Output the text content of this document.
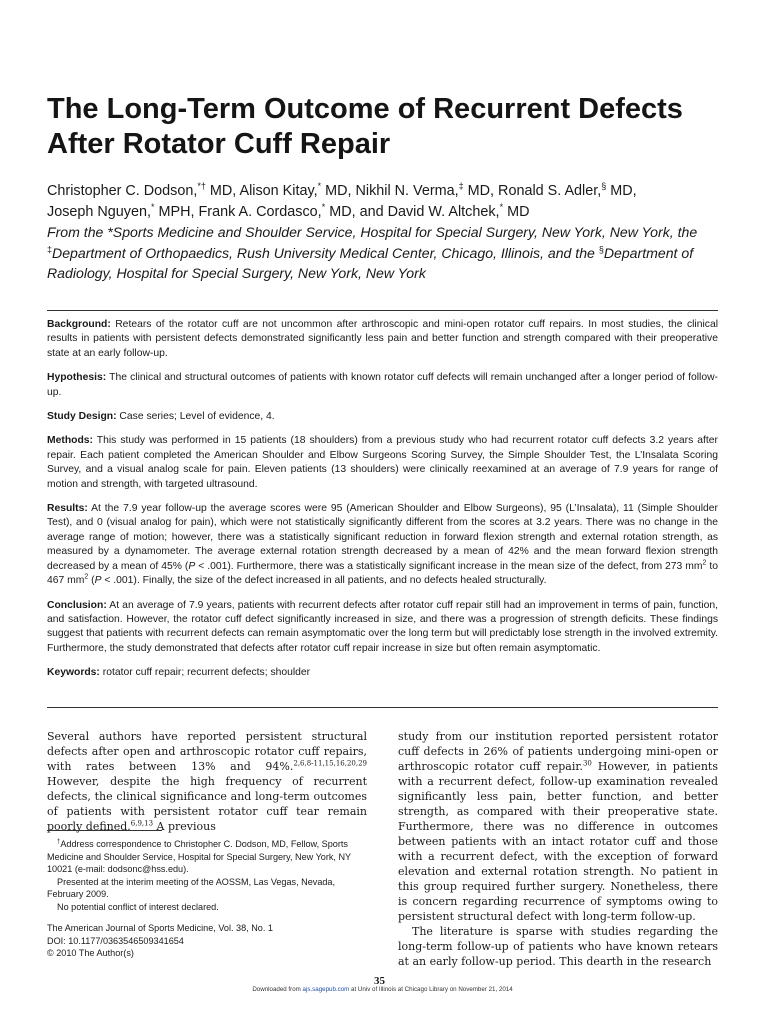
The Long-Term Outcome of Recurrent Defects After Rotator Cuff Repair
Christopher C. Dodson,*† MD, Alison Kitay,* MD, Nikhil N. Verma,‡ MD, Ronald S. Adler,§ MD,
Joseph Nguyen,* MPH, Frank A. Cordasco,* MD, and David W. Altchek,* MD
From the *Sports Medicine and Shoulder Service, Hospital for Special Surgery, New York, New York, the ‡Department of Orthopaedics, Rush University Medical Center, Chicago, Illinois, and the §Department of Radiology, Hospital for Special Surgery, New York, New York

Background: Retears of the rotator cuff are not uncommon after arthroscopic and mini-open rotator cuff repairs. In most studies, the clinical results in patients with persistent defects demonstrated significantly less pain and better function and strength compared with their preoperative state at an early follow-up.

Hypothesis: The clinical and structural outcomes of patients with known rotator cuff defects will remain unchanged after a longer period of follow-up.

Study Design: Case series; Level of evidence, 4.

Methods: This study was performed in 15 patients (18 shoulders) from a previous study who had recurrent rotator cuff defects 3.2 years after repair. Each patient completed the American Shoulder and Elbow Surgeons Scoring Survey, the Simple Shoulder Test, the L’Insalata Scoring Survey, and a visual analog scale for pain. Eleven patients (13 shoulders) were clinically reexamined at an average of 7.9 years for range of motion and strength, with targeted ultrasound.

Results: At the 7.9 year follow-up the average scores were 95 (American Shoulder and Elbow Surgeons), 95 (L’Insalata), 11 (Simple Shoulder Test), and 0 (visual analog for pain), which were not statistically significantly different from the scores at 3.2 years. There was no change in the average range of motion; however, there was a statistically significant reduction in forward flexion strength and external rotation strength, as measured by a dynamometer. The average external rotation strength decreased by a mean of 42% and the mean forward flexion strength decreased by a mean of 45% (P < .001). Furthermore, there was a statistically significant increase in the mean size of the defect, from 273 $mm^2$ to 467 $mm^2$ (P < .001). Finally, the size of the defect increased in all patients, and no defects healed structurally.

Conclusion: At an average of 7.9 years, patients with recurrent defects after rotator cuff repair still had an improvement in terms of pain, function, and satisfaction. However, the rotator cuff defect significantly increased in size, and there was a progression of strength deficits. These findings suggest that patients with recurrent defects can remain asymptomatic over the long term but will predictably lose strength in the involved extremity. Furthermore, the study demonstrated that defects after rotator cuff repair increase in size but often remain asymptomatic.

Keywords: rotator cuff repair; recurrent defects; shoulder

Several authors have reported persistent structural defects after open and arthroscopic rotator cuff repairs, with rates between 13% and 94%.$^{2,6,8-11,15,16,20,29}$ However, despite the high frequency of recurrent defects, the clinical significance and long-term outcomes of patients with persistent rotator cuff tear remain poorly defined.$^{6,9,13}$ A previous

study from our institution reported persistent rotator cuff defects in 26% of patients undergoing mini-open or arthroscopic rotator cuff repair.$^{30}$ However, in patients with a recurrent defect, follow-up examination revealed significantly less pain, better function, and better strength, as compared with their preoperative state. Furthermore, there was no difference in outcomes between patients with an intact rotator cuff and those with a recurrent defect, with the exception of forward elevation and external rotation strength. No patient in this group required further surgery. Nonetheless, there is concern regarding recurrence of symptoms owing to persistent structural defect with long-term follow-up.

The literature is sparse with studies regarding the long-term follow-up of patients who have known retears at an early follow-up period. This dearth in the research

†Address correspondence to Christopher C. Dodson, MD, Fellow, Sports Medicine and Shoulder Service, Hospital for Special Surgery, New York, NY 10021 (e-mail: dodsonc@hss.edu).

Presented at the interim meeting of the AOSSM, Las Vegas, Nevada, February 2009.

No potential conflict of interest declared.

The American Journal of Sports Medicine, Vol. 38, No. 1
DOI: 10.1177/0363546509341654
© 2010 The Author(s)
35
Downloaded from ajs.sagepub.com at Univ of Illinois at Chicago Library on November 21, 2014
